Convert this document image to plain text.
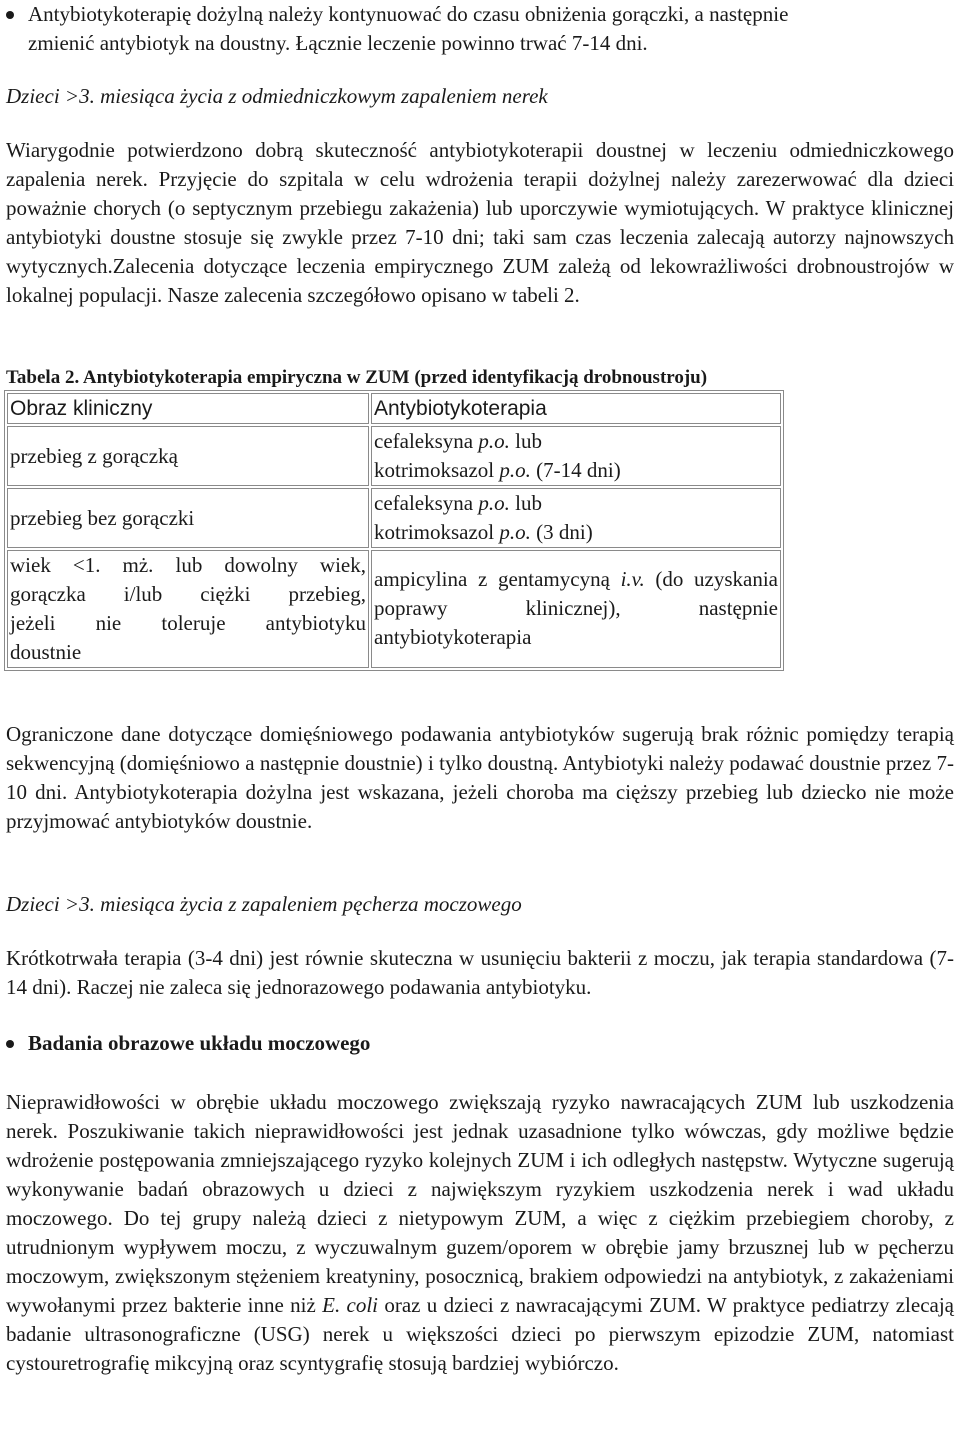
Antybiotykoterapię dożylną należy kontynuować do czasu obniżenia gorączki, a następnie
zmienić antybiotyk na doustny. Łącznie leczenie powinno trwać 7-14 dni.
Dzieci >3. miesiąca życia z odmiedniczkowym zapaleniem nerek
Wiarygodnie potwierdzono dobrą skuteczność antybiotykoterapii doustnej w leczeniu odmiedniczkowego zapalenia nerek. Przyjęcie do szpitala w celu wdrożenia terapii dożylnej należy zarezerwować dla dzieci poważnie chorych (o septycznym przebiegu zakażenia) lub uporczywie wymiotujących. W praktyce klinicznej antybiotyki doustne stosuje się zwykle przez 7-10 dni; taki sam czas leczenia zalecają autorzy najnowszych wytycznych.Zalecenia dotyczące leczenia empirycznego ZUM zależą od lekowrażliwości drobnoustrojów w lokalnej populacji. Nasze zalecenia szczegółowo opisano w tabeli 2.
Tabela 2. Antybiotykoterapia empiryczna w ZUM (przed identyfikacją drobnoustroju)
Obraz kliniczny	Antybiotykoterapia
przebieg z gorączką	cefaleksyna p.o. lub
kotrimoksazol p.o. (7-14 dni)

przebieg bez gorączki	cefaleksyna p.o. lub
kotrimoksazol p.o. (3 dni)

wiek <1. mż. lub dowolny wiek,
gorączka i/lub ciężki przebieg,
jeżeli nie toleruje antybiotyku
doustnie	ampicylina z gentamycyną i.v. (do uzyskania poprawy klinicznej), następnie antybiotykoterapia
Ograniczone dane dotyczące domięśniowego podawania antybiotyków sugerują brak różnic pomiędzy terapią sekwencyjną (domięśniowo a następnie doustnie) i tylko doustną. Antybiotyki należy podawać doustnie przez 7-10 dni. Antybiotykoterapia dożylna jest wskazana, jeżeli choroba ma cięższy przebieg lub dziecko nie może przyjmować antybiotyków doustnie.
Dzieci >3. miesiąca życia z zapaleniem pęcherza moczowego
Krótkotrwała terapia (3-4 dni) jest równie skuteczna w usunięciu bakterii z moczu, jak terapia standardowa (7-14 dni). Raczej nie zaleca się jednorazowego podawania antybiotyku.
Badania obrazowe układu moczowego
Nieprawidłowości w obrębie układu moczowego zwiększają ryzyko nawracających ZUM lub uszkodzenia nerek. Poszukiwanie takich nieprawidłowości jest jednak uzasadnione tylko wówczas, gdy możliwe będzie wdrożenie postępowania zmniejszającego ryzyko kolejnych ZUM i ich odległych następstw. Wytyczne sugerują wykonywanie badań obrazowych u dzieci z największym ryzykiem uszkodzenia nerek i wad układu moczowego. Do tej grupy należą dzieci z nietypowym ZUM, a więc z ciężkim przebiegiem choroby, z utrudnionym wypływem moczu, z wyczuwalnym guzem/oporem w obrębie jamy brzusznej lub w pęcherzu moczowym, zwiększonym stężeniem kreatyniny, posocznicą, brakiem odpowiedzi na antybiotyk, z zakażeniami wywołanymi przez bakterie inne niż E. coli oraz u dzieci z nawracającymi ZUM. W praktyce pediatrzy zlecają badanie ultrasonograficzne (USG) nerek u większości dzieci po pierwszym epizodzie ZUM, natomiast cystouretrografię mikcyjną oraz scyntygrafię stosują bardziej wybiórczo.
